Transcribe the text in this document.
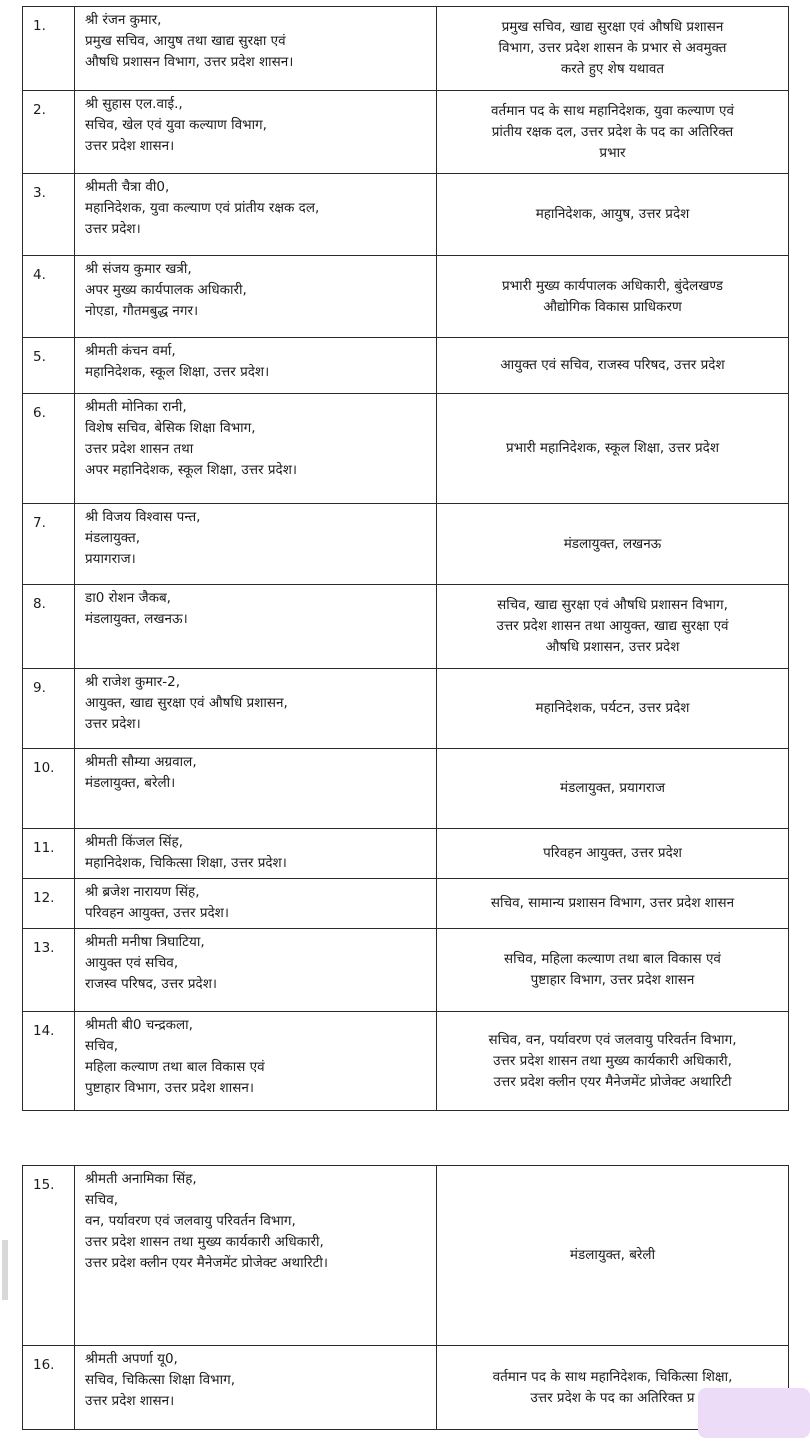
1.	श्री रंजन कुमार,
प्रमुख सचिव, आयुष तथा खाद्य सुरक्षा एवं
औषधि प्रशासन विभाग, उत्तर प्रदेश शासन।	प्रमुख सचिव, खाद्य सुरक्षा एवं औषधि प्रशासन
विभाग, उत्तर प्रदेश शासन के प्रभार से अवमुक्त
करते हुए शेष यथावत

2.	श्री सुहास एल.वाई.,
सचिव, खेल एवं युवा कल्याण विभाग,
उत्तर प्रदेश शासन।	वर्तमान पद के साथ महानिदेशक, युवा कल्याण एवं
प्रांतीय रक्षक दल, उत्तर प्रदेश के पद का अतिरिक्त
प्रभार

3.	श्रीमती चैत्रा वी0,
महानिदेशक, युवा कल्याण एवं प्रांतीय रक्षक दल,
उत्तर प्रदेश।	महानिदेशक, आयुष, उत्तर प्रदेश

4.	श्री संजय कुमार खत्री,
अपर मुख्य कार्यपालक अधिकारी,
नोएडा, गौतमबुद्ध नगर।	प्रभारी मुख्य कार्यपालक अधिकारी, बुंदेलखण्ड
औद्योगिक विकास प्राधिकरण

5.	श्रीमती कंचन वर्मा,
महानिदेशक, स्कूल शिक्षा, उत्तर प्रदेश।	आयुक्त एवं सचिव, राजस्व परिषद, उत्तर प्रदेश

6.	श्रीमती मोनिका रानी,
विशेष सचिव, बेसिक शिक्षा विभाग,
उत्तर प्रदेश शासन तथा
अपर महानिदेशक, स्कूल शिक्षा, उत्तर प्रदेश।	प्रभारी महानिदेशक, स्कूल शिक्षा, उत्तर प्रदेश

7.	श्री विजय विश्वास पन्त,
मंडलायुक्त,
प्रयागराज।	मंडलायुक्त, लखनऊ

8.	डा0 रोशन जैकब,
मंडलायुक्त, लखनऊ।	सचिव, खाद्य सुरक्षा एवं औषधि प्रशासन विभाग,
उत्तर प्रदेश शासन तथा आयुक्त, खाद्य सुरक्षा एवं
औषधि प्रशासन, उत्तर प्रदेश

9.	श्री राजेश कुमार-2,
आयुक्त, खाद्य सुरक्षा एवं औषधि प्रशासन,
उत्तर प्रदेश।	महानिदेशक, पर्यटन, उत्तर प्रदेश

10.	श्रीमती सौम्या अग्रवाल,
मंडलायुक्त, बरेली।	मंडलायुक्त, प्रयागराज

11.	श्रीमती किंजल सिंह,
महानिदेशक, चिकित्सा शिक्षा, उत्तर प्रदेश।	परिवहन आयुक्त, उत्तर प्रदेश

12.	श्री ब्रजेश नारायण सिंह,
परिवहन आयुक्त, उत्तर प्रदेश।	सचिव, सामान्य प्रशासन विभाग, उत्तर प्रदेश शासन

13.	श्रीमती मनीषा त्रिघाटिया,
आयुक्त एवं सचिव,
राजस्व परिषद, उत्तर प्रदेश।	सचिव, महिला कल्याण तथा बाल विकास एवं
पुष्टाहार विभाग, उत्तर प्रदेश शासन

14.	श्रीमती बी0 चन्द्रकला,
सचिव,
महिला कल्याण तथा बाल विकास एवं
पुष्टाहार विभाग, उत्तर प्रदेश शासन।	सचिव, वन, पर्यावरण एवं जलवायु परिवर्तन विभाग,
उत्तर प्रदेश शासन तथा मुख्य कार्यकारी अधिकारी,
उत्तर प्रदेश क्लीन एयर मैनेजमेंट प्रोजेक्ट अथारिटी
15.	श्रीमती अनामिका सिंह,
सचिव,
वन, पर्यावरण एवं जलवायु परिवर्तन विभाग,
उत्तर प्रदेश शासन तथा मुख्य कार्यकारी अधिकारी,
उत्तर प्रदेश क्लीन एयर मैनेजमेंट प्रोजेक्ट अथारिटी।	मंडलायुक्त, बरेली

16.	श्रीमती अपर्णा यू0,
सचिव, चिकित्सा शिक्षा विभाग,
उत्तर प्रदेश शासन।	वर्तमान पद के साथ महानिदेशक, चिकित्सा शिक्षा,
उत्तर प्रदेश के पद का अतिरिक्त प्र
